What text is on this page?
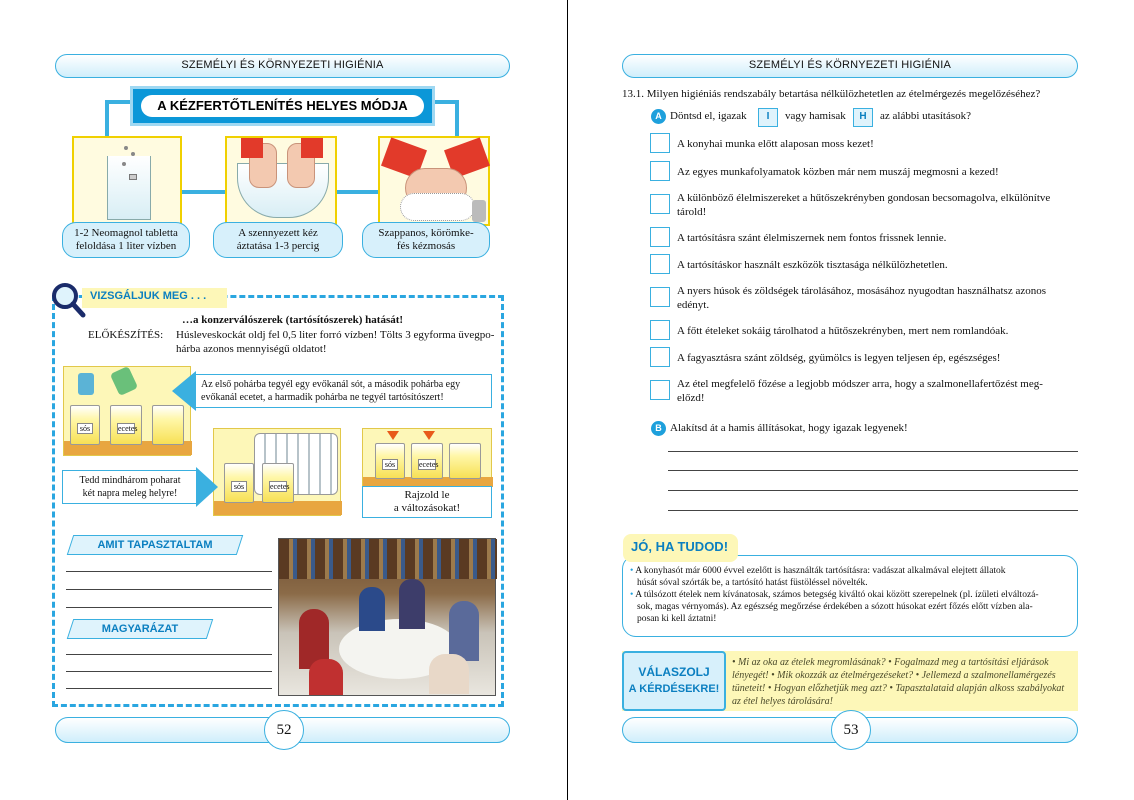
SZEMÉLYI ÉS KÖRNYEZETI HIGIÉNIA
A KÉZFERTŐTLENÍTÉS HELYES MÓDJA
1-2 Neomagnol tabletta
feloldása 1 liter vízben
A szennyezett kéz
áztatása 1-3 percig
Szappanos, körömke-
fés kézmosás
VIZSGÁLJUK MEG . . .
…a konzerválószerek (tartósítószerek) hatását!
ELŐKÉSZÍTÉS: Húsleveskockát oldj fel 0,5 liter forró vízben! Tölts 3 egyforma üvegpo-
hárba azonos mennyiségű oldatot!
sós	ecetes
Az első pohárba tegyél egy evőkanál sót, a második pohárba egy
evőkanál ecetet, a harmadik pohárba ne tegyél tartósítószert!
sós	ecetes
Tedd mindhárom poharat
két napra meleg helyre!
sós	ecetes
Rajzold le
a változásokat!
AMIT TAPASZTALTAM
MAGYARÁZAT
52
SZEMÉLYI ÉS KÖRNYEZETI HIGIÉNIA
13.1. Milyen higiéniás rendszabály betartása nélkülözhetetlen az ételmérgezés megelőzéséhez?
A Döntsd el, igazak	I	vagy hamisak	H	az alábbi utasítások?
A konyhai munka előtt alaposan moss kezet!
Az egyes munkafolyamatok közben már nem muszáj megmosni a kezed!
A különböző élelmiszereket a hűtőszekrényben gondosan becsomagolva, elkülönítve
tárold!
A tartósításra szánt élelmiszernek nem fontos frissnek lennie.
A tartósításkor használt eszközök tisztasága nélkülözhetetlen.
A nyers húsok és zöldségek tárolásához, mosásához nyugodtan használhatsz azonos
edényt.
A főtt ételeket sokáig tárolhatod a hűtőszekrényben, mert nem romlandóak.
A fagyasztásra szánt zöldség, gyümölcs is legyen teljesen ép, egészséges!
Az étel megfelelő főzése a legjobb módszer arra, hogy a szalmonellafertőzést meg-
előzd!
B Alakítsd át a hamis állításokat, hogy igazak legyenek!
JÓ, HA TUDOD!
• A konyhasót már 6000 évvel ezelőtt is használták tartósításra: vadászat alkalmával elejtett állatok
húsát sóval szórták be, a tartósító hatást füstöléssel növelték.
• A túlsózott ételek nem kívánatosak, számos betegség kiváltó okai között szerepelnek (pl. ízületi elváltozá-
sok, magas vérnyomás). Az egészség megőrzése érdekében a sózott húsokat ezért főzés előtt vízben ala-
posan ki kell áztatni!
VÁLASZOLJ
A KÉRDÉSEKRE!
• Mi az oka az ételek megromlásának? • Fogalmazd meg a tartósítási eljárások
lényegét! • Mik okozzák az ételmérgezéseket? • Jellemezd a szalmonellamérgezés
tüneteit! • Hogyan előzhetjük meg azt? • Tapasztalataid alapján alkoss szabályokat
az étel helyes tárolására!
53
